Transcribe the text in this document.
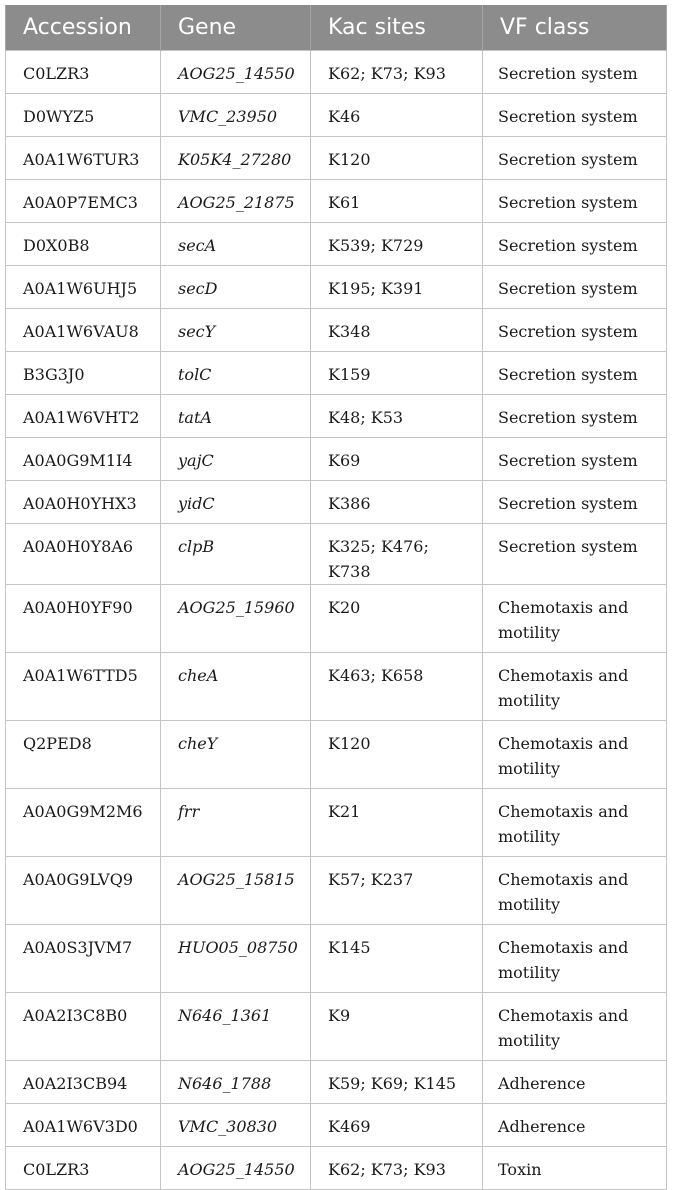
Accession	Gene	Kac sites	VF class
C0LZR3	AOG25_14550	K62; K73; K93	Secretion system
D0WYZ5	VMC_23950	K46	Secretion system
A0A1W6TUR3	K05K4_27280	K120	Secretion system
A0A0P7EMC3	AOG25_21875	K61	Secretion system
D0X0B8	secA	K539; K729	Secretion system
A0A1W6UHJ5	secD	K195; K391	Secretion system
A0A1W6VAU8	secY	K348	Secretion system
B3G3J0	tolC	K159	Secretion system
A0A1W6VHT2	tatA	K48; K53	Secretion system
A0A0G9M1I4	yajC	K69	Secretion system
A0A0H0YHX3	yidC	K386	Secretion system
A0A0H0Y8A6	clpB	K325; K476; K738	Secretion system
A0A0H0YF90	AOG25_15960	K20	Chemotaxis and motility
A0A1W6TTD5	cheA	K463; K658	Chemotaxis and motility
Q2PED8	cheY	K120	Chemotaxis and motility
A0A0G9M2M6	frr	K21	Chemotaxis and motility
A0A0G9LVQ9	AOG25_15815	K57; K237	Chemotaxis and motility
A0A0S3JVM7	HUO05_08750	K145	Chemotaxis and motility
A0A2I3C8B0	N646_1361	K9	Chemotaxis and motility
A0A2I3CB94	N646_1788	K59; K69; K145	Adherence
A0A1W6V3D0	VMC_30830	K469	Adherence
C0LZR3	AOG25_14550	K62; K73; K93	Toxin
